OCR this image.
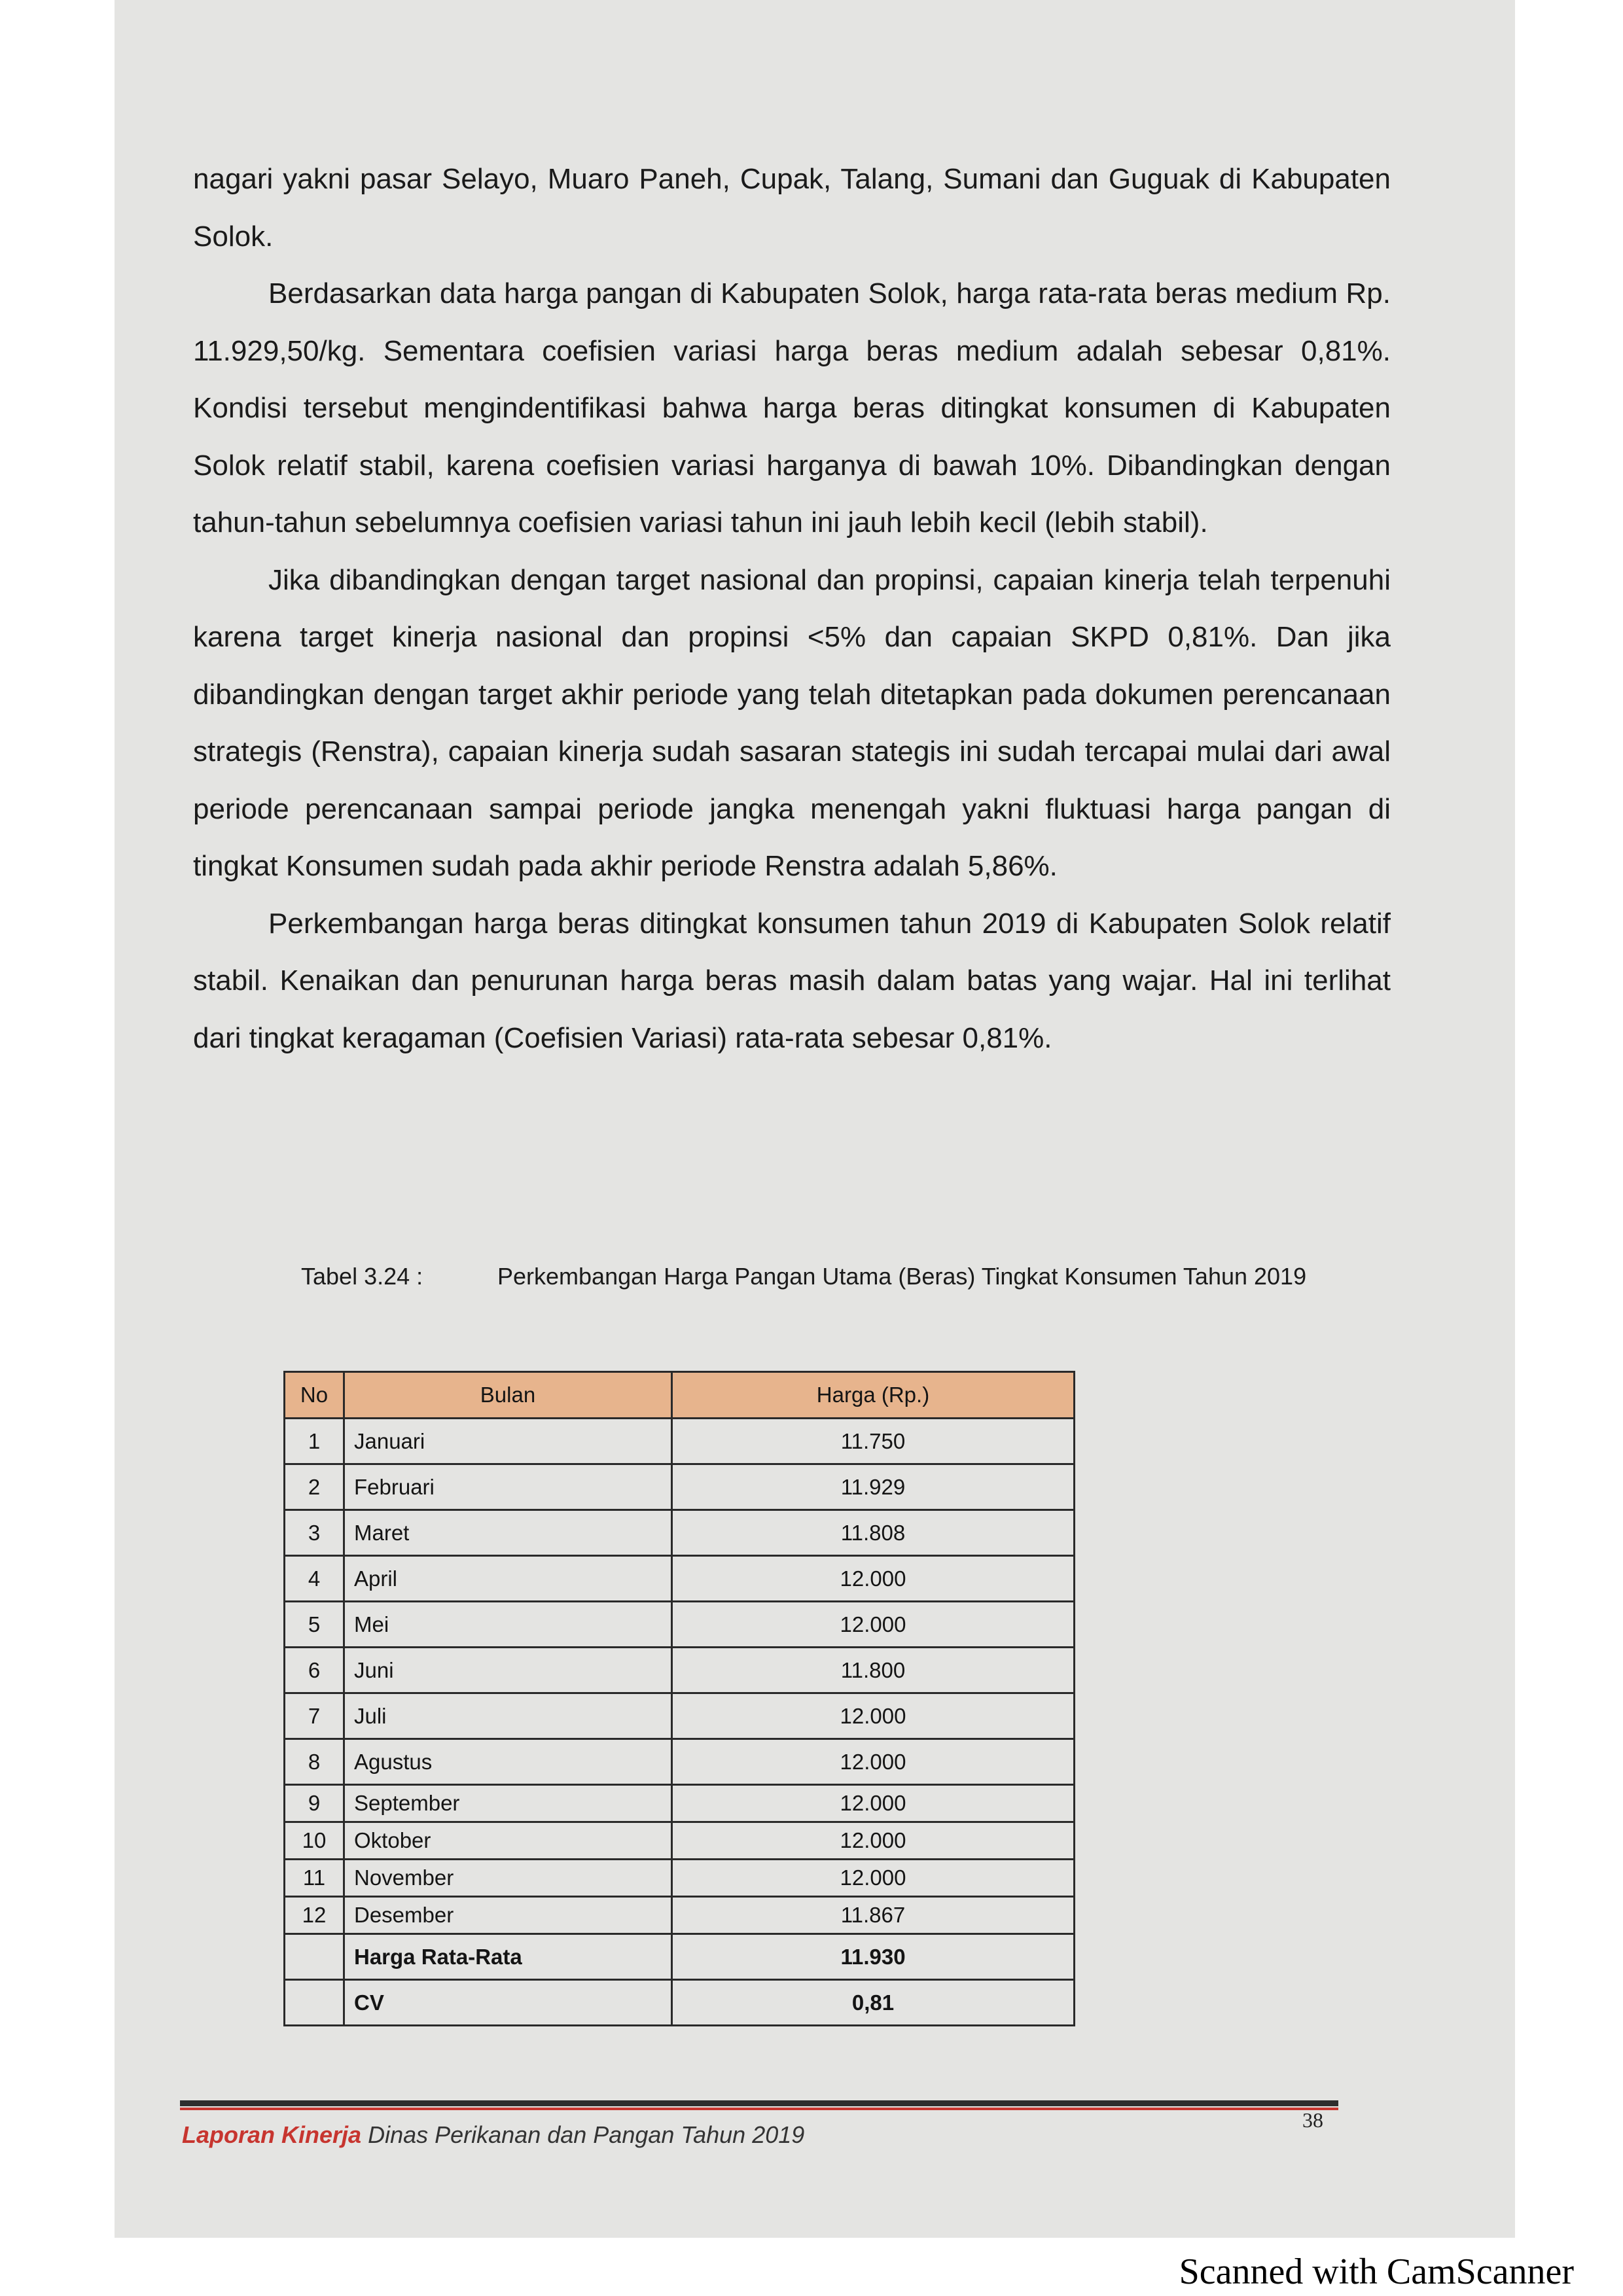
nagari yakni pasar Selayo, Muaro Paneh, Cupak, Talang, Sumani dan Guguak di Kabupaten Solok.

Berdasarkan data harga pangan di Kabupaten Solok, harga rata-rata beras medium Rp. 11.929,50/kg. Sementara coefisien variasi harga beras medium adalah sebesar 0,81%. Kondisi tersebut mengindentifikasi bahwa harga beras ditingkat konsumen di Kabupaten Solok relatif stabil, karena coefisien variasi harganya di bawah 10%. Dibandingkan dengan tahun-tahun sebelumnya coefisien variasi tahun ini jauh lebih kecil (lebih stabil).

Jika dibandingkan dengan target nasional dan propinsi, capaian kinerja telah terpenuhi karena target kinerja nasional dan propinsi <5% dan capaian SKPD 0,81%. Dan jika dibandingkan dengan target akhir periode yang telah ditetapkan pada dokumen perencanaan strategis (Renstra), capaian kinerja sudah sasaran stategis ini sudah tercapai mulai dari awal periode perencanaan sampai periode jangka menengah yakni fluktuasi harga pangan di tingkat Konsumen sudah pada akhir periode Renstra adalah 5,86%.

Perkembangan harga beras ditingkat konsumen tahun 2019 di Kabupaten Solok relatif stabil. Kenaikan dan penurunan harga beras masih dalam batas yang wajar. Hal ini terlihat dari tingkat keragaman (Coefisien Variasi) rata-rata sebesar 0,81%.

Tabel 3.24 :	Perkembangan Harga Pangan Utama (Beras) Tingkat Konsumen Tahun 2019
No	Bulan	Harga (Rp.)
1	Januari	11.750
2	Februari	11.929
3	Maret	11.808
4	April	12.000
5	Mei	12.000
6	Juni	11.800
7	Juli	12.000
8	Agustus	12.000
9	September	12.000
10	Oktober	12.000
11	November	12.000
12	Desember	11.867
	Harga Rata-Rata	11.930
	CV	0,81
Laporan Kinerja Dinas Perikanan dan Pangan Tahun 2019
38
Scanned with CamScanner
